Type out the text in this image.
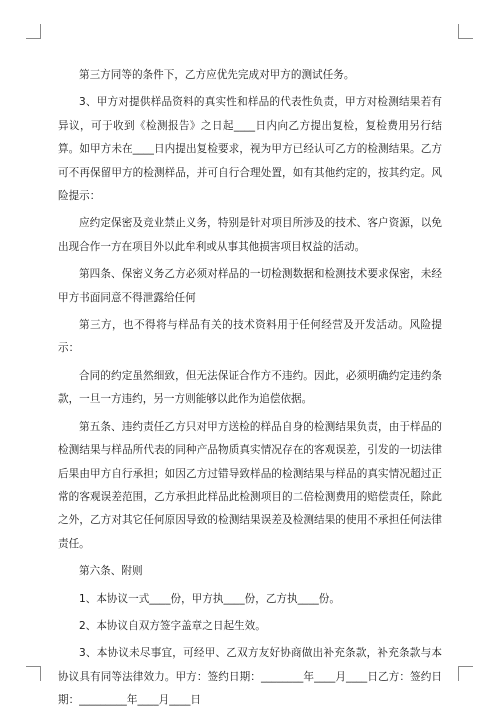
第三方同等的条件下，乙方应优先完成对甲方的测试任务。

3、甲方对提供样品资料的真实性和样品的代表性负责，甲方对检测结果若有异议，可于收到《检测报告》之日起____日内向乙方提出复检，复检费用另行结算。如甲方未在____日内提出复检要求，视为甲方已经认可乙方的检测结果。乙方可不再保留甲方的检测样品，并可自行合理处置，如有其他约定的，按其约定。风险提示：

应约定保密及竞业禁止义务，特别是针对项目所涉及的技术、客户资源，以免出现合作一方在项目外以此牟利或从事其他损害项目权益的活动。

第四条、保密义务乙方必须对样品的一切检测数据和检测技术要求保密，未经甲方书面同意不得泄露给任何

第三方，也不得将与样品有关的技术资料用于任何经营及开发活动。风险提示：

合同的约定虽然细致，但无法保证合作方不违约。因此，必须明确约定违约条款，一旦一方违约，另一方则能够以此作为追偿依据。

第五条、违约责任乙方只对甲方送检的样品自身的检测结果负责，由于样品的检测结果与样品所代表的同种产品物质真实情况存在的客观误差，引发的一切法律后果由甲方自行承担；如因乙方过错导致样品的检测结果与样品的真实情况超过正常的客观误差范围，乙方承担此样品此检测项目的二倍检测费用的赔偿责任，除此之外，乙方对其它任何原因导致的检测结果误差及检测结果的使用不承担任何法律责任。

第六条、附则

1、本协议一式____份，甲方执____份，乙方执____份。

2、本协议自双方签字盖章之日起生效。

3、本协议未尽事宜，可经甲、乙双方友好协商做出补充条款，补充条款与本协议具有同等法律效力。甲方：签约日期：________年____月____日乙方：签约日期：_________年____月____日
